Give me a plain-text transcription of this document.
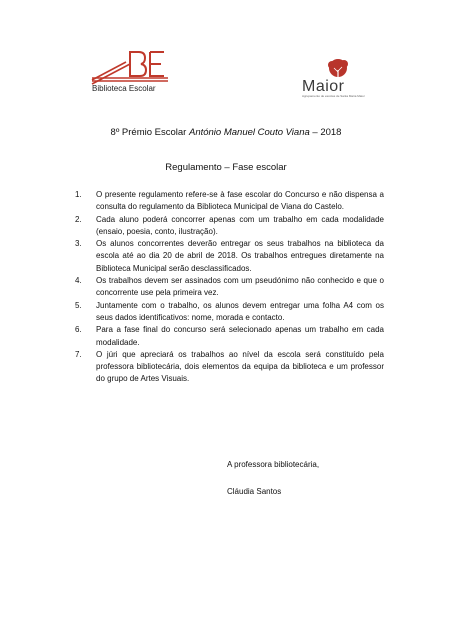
Biblioteca Escolar	Maior
Agrupamento de escolas de Santa Maria Maior
8º Prémio Escolar António Manuel Couto Viana – 2018
Regulamento – Fase escolar
1. O presente regulamento refere-se à fase escolar do Concurso e não dispensa a consulta do regulamento da Biblioteca Municipal de Viana do Castelo.
2. Cada aluno poderá concorrer apenas com um trabalho em cada modalidade (ensaio, poesia, conto, ilustração).
3. Os alunos concorrentes deverão entregar os seus trabalhos na biblioteca da escola até ao dia 20 de abril de 2018. Os trabalhos entregues diretamente na Biblioteca Municipal serão desclassificados.
4. Os trabalhos devem ser assinados com um pseudónimo não conhecido e que o concorrente use pela primeira vez.
5. Juntamente com o trabalho, os alunos devem entregar uma folha A4 com os seus dados identificativos: nome, morada e contacto.
6. Para a fase final do concurso será selecionado apenas um trabalho em cada modalidade.
7. O júri que apreciará os trabalhos ao nível da escola será constituído pela professora bibliotecária, dois elementos da equipa da biblioteca e um professor do grupo de Artes Visuais.
A professora bibliotecária,
Cláudia Santos
